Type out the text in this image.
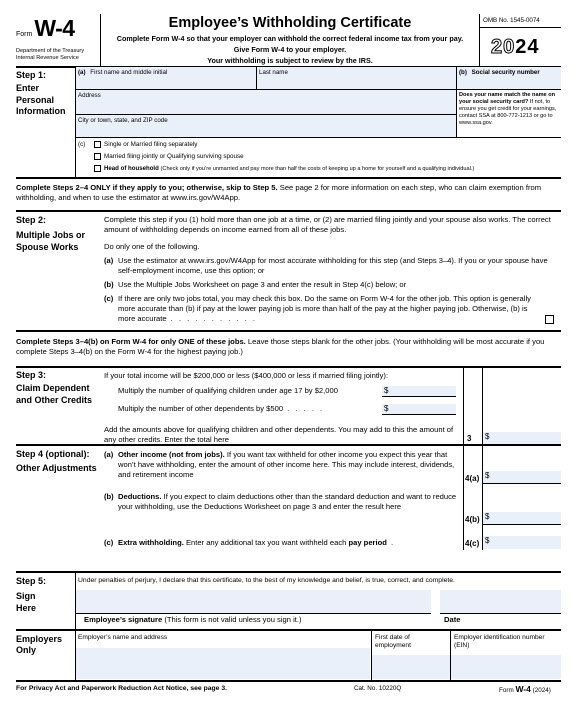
Form W-4
Department of the Treasury
Internal Revenue Service
Employee’s Withholding Certificate
Complete Form W-4 so that your employer can withhold the correct federal income tax from your pay.
Give Form W-4 to your employer.
Your withholding is subject to review by the IRS.
OMB No. 1545-0074
2024
Step 1:
Enter Personal Information
(a) First name and middle initial	Last name	(b) Social security number
Address
City or town, state, and ZIP code
Does your name match the name on your social security card? If not, to ensure you get credit for your earnings, contact SSA at 800-772-1213 or go to www.ssa.gov.
(c)	Single or Married filing separately
Married filing jointly or Qualifying surviving spouse
Head of household (Check only if you’re unmarried and pay more than half the costs of keeping up a home for yourself and a qualifying individual.)
Complete Steps 2–4 ONLY if they apply to you; otherwise, skip to Step 5. See page 2 for more information on each step, who can claim exemption from withholding, and when to use the estimator at www.irs.gov/W4App.
Step 2:
Multiple Jobs or Spouse Works
Complete this step if you (1) hold more than one job at a time, or (2) are married filing jointly and your spouse also works. The correct amount of withholding depends on income earned from all of these jobs.
Do only one of the following.
(a) Use the estimator at www.irs.gov/W4App for most accurate withholding for this step (and Steps 3–4). If you or your spouse have self-employment income, use this option; or
(b) Use the Multiple Jobs Worksheet on page 3 and enter the result in Step 4(c) below; or
(c) If there are only two jobs total, you may check this box. Do the same on Form W-4 for the other job. This option is generally more accurate than (b) if pay at the lower paying job is more than half of the pay at the higher paying job. Otherwise, (b) is more accurate . . . . . . . . . . .
Complete Steps 3–4(b) on Form W-4 for only ONE of these jobs. Leave those steps blank for the other jobs. (Your withholding will be most accurate if you complete Steps 3–4(b) on the Form W-4 for the highest paying job.)
Step 3:
Claim Dependent and Other Credits
If your total income will be $200,000 or less ($400,000 or less if married filing jointly):
Multiply the number of qualifying children under age 17 by $2,000	$
Multiply the number of other dependents by $500 . . . . .	$
Add the amounts above for qualifying children and other dependents. You may add to this the amount of any other credits. Enter the total here	3 $
Step 4 (optional):
Other Adjustments
(a) Other income (not from jobs). If you want tax withheld for other income you expect this year that won’t have withholding, enter the amount of other income here. This may include interest, dividends, and retirement income
(b) Deductions. If you expect to claim deductions other than the standard deduction and want to reduce your withholding, use the Deductions Worksheet on page 3 and enter the result here
(c) Extra withholding. Enter any additional tax you want withheld each pay period .
4(a) $
4(b) $
4(c) $
Step 5:
Sign Here
Under penalties of perjury, I declare that this certificate, to the best of my knowledge and belief, is true, correct, and complete.
Employee’s signature (This form is not valid unless you sign it.)	Date
Employers Only
Employer’s name and address	First date of employment
Employer identification number (EIN)
For Privacy Act and Paperwork Reduction Act Notice, see page 3.	Cat. No. 10220Q	Form W-4 (2024)
